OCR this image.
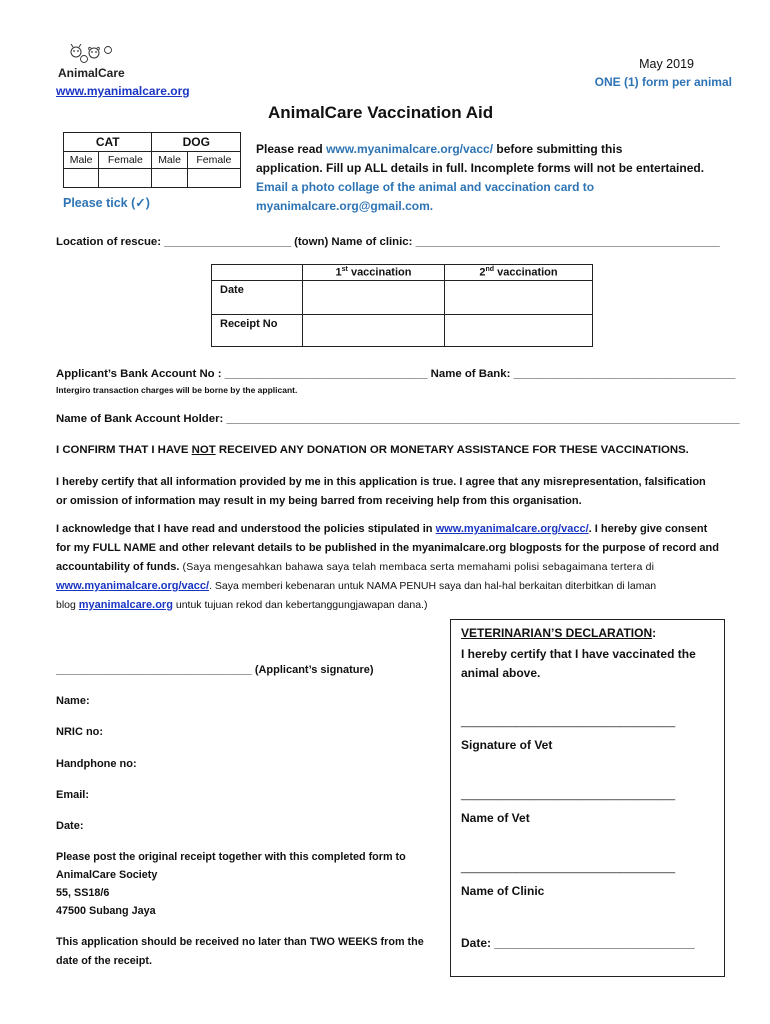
AnimalCare
www.myanimalcare.org
May 2019
ONE (1) form per animal
AnimalCare Vaccination Aid
CAT		DOG	
Male	Female	Male	Female

Please tick (✓)
Please read www.myanimalcare.org/vacc/ before submitting this
application. Fill up ALL details in full. Incomplete forms will not be entertained.
Email a photo collage of the animal and vaccination card to
myanimalcare.org@gmail.com.
Location of rescue: ____________________ (town) Name of clinic: ________________________________________________
	1st vaccination	2nd vaccination
Date		
Receipt No		
Applicant’s Bank Account No : ________________________________ Name of Bank: ___________________________________
Intergiro transaction charges will be borne by the applicant.
Name of Bank Account Holder: _________________________________________________________________________________
I CONFIRM THAT I HAVE NOT RECEIVED ANY DONATION OR MONETARY ASSISTANCE FOR THESE VACCINATIONS.
I hereby certify that all information provided by me in this application is true. I agree that any misrepresentation, falsification
or omission of information may result in my being barred from receiving help from this organisation.
I acknowledge that I have read and understood the policies stipulated in www.myanimalcare.org/vacc/. I hereby give consent
for my FULL NAME and other relevant details to be published in the myanimalcare.org blogposts for the purpose of record and
accountability of funds. (Saya mengesahkan bahawa saya telah membaca serta memahami polisi sebagaimana tertera di
www.myanimalcare.org/vacc/. Saya memberi kebenaran untuk NAMA PENUH saya dan hal-hal berkaitan diterbitkan di laman
blog myanimalcare.org untuk tujuan rekod dan kebertanggungjawapan dana.)
________________________________ (Applicant’s signature)
Name:
NRIC no:
Handphone no:
Email:
Date:
Please post the original receipt together with this completed form to
AnimalCare Society
55, SS18/6
47500 Subang Jaya
This application should be received no later than TWO WEEKS from the
date of the receipt.
VETERINARIAN’S DECLARATION:
I hereby certify that I have vaccinated the
animal above.
___________________________________
Signature of Vet
___________________________________
Name of Vet
___________________________________
Name of Clinic
Date: ______________________________
